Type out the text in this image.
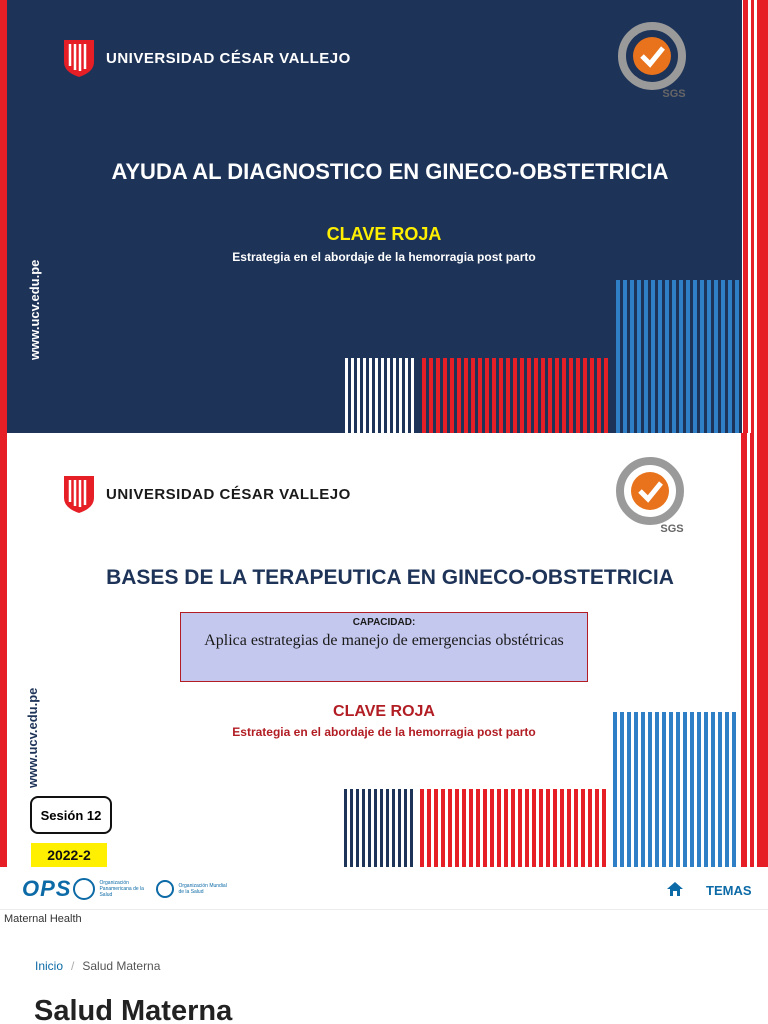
UNIVERSIDAD CÉSAR VALLEJO
SGS
AYUDA AL DIAGNOSTICO EN GINECO-OBSTETRICIA
CLAVE ROJA
Estrategia en el abordaje de la hemorragia post parto
www.ucv.edu.pe
UNIVERSIDAD CÉSAR VALLEJO
SGS
BASES DE LA TERAPEUTICA EN GINECO-OBSTETRICIA
CAPACIDAD:
Aplica estrategias de manejo de emergencias obstétricas
CLAVE ROJA
Estrategia en el abordaje de la hemorragia post parto
www.ucv.edu.pe
Sesión 12
2022-2
OPS	Organización Panamericana de la Salud
Organización Mundial de la Salud	TEMAS
Maternal Health
Inicio / Salud Materna
Salud Materna
